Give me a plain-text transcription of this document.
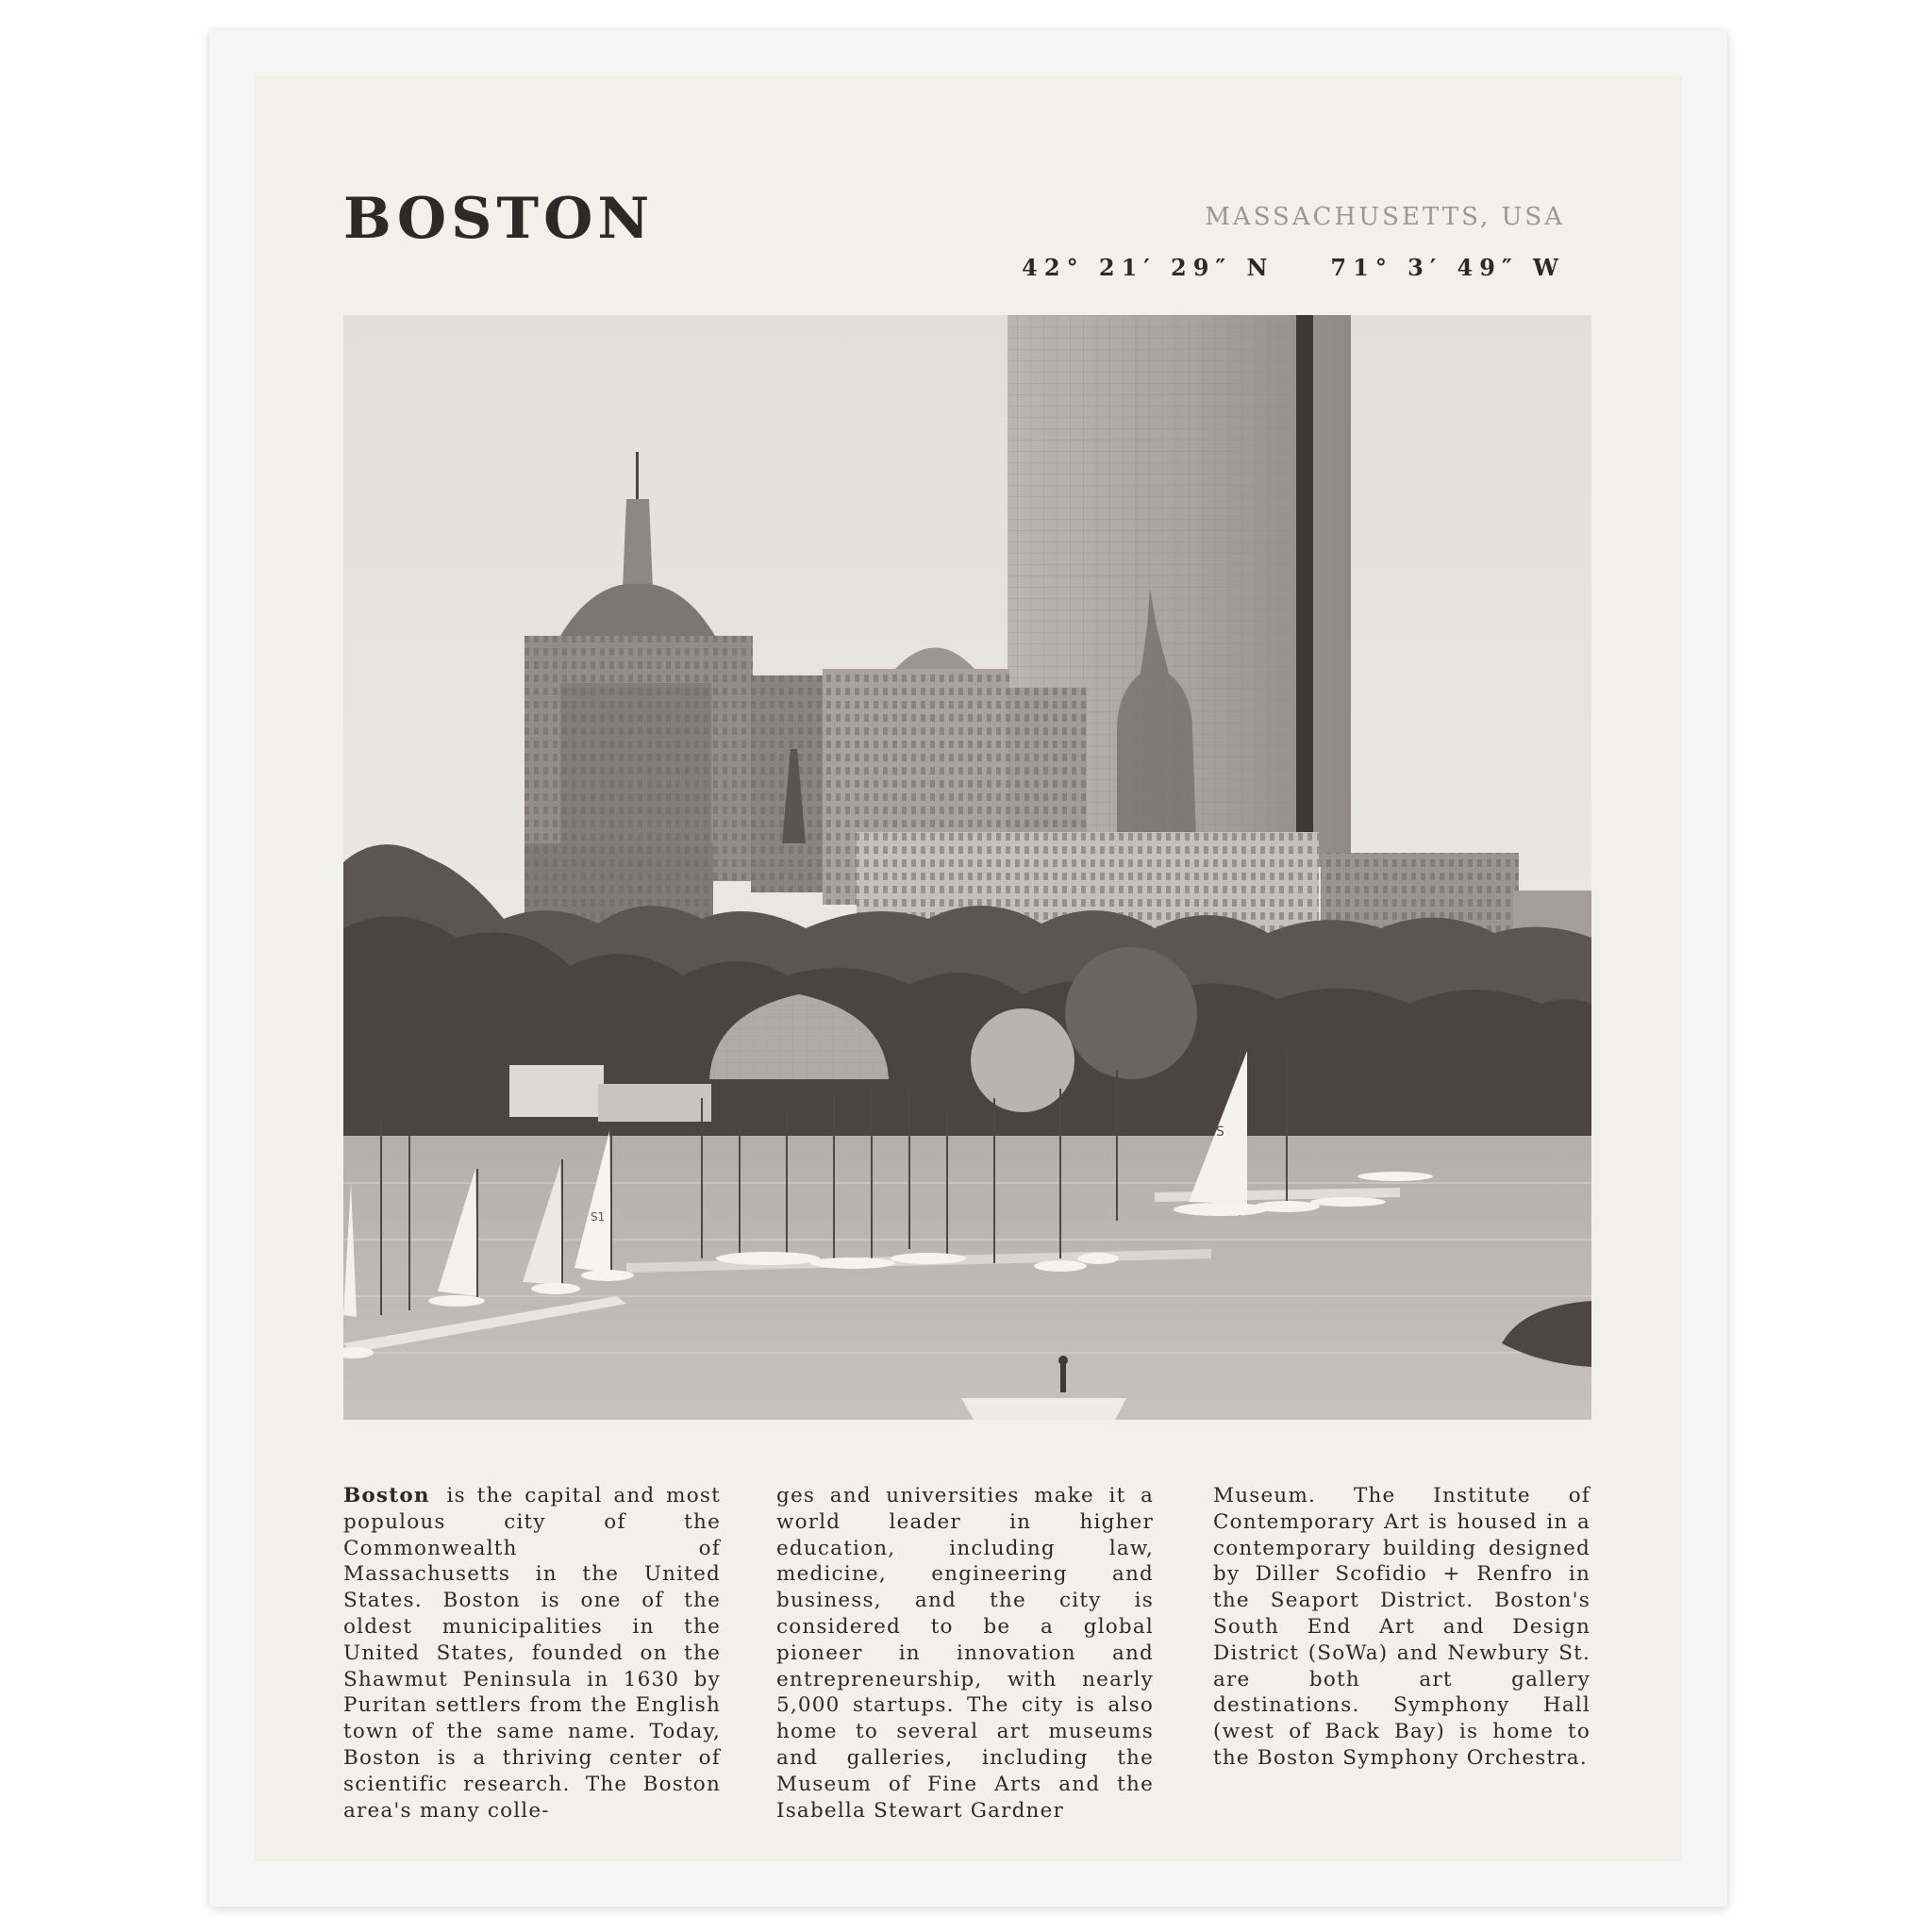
BOSTON	MASSACHUSETTS, USA
42° 21′ 29″ N	71° 3′ 49″ W
S
S1
Boston is the capital and most populous city of the Commonwealth of Massachusetts in the United States. Boston is one of the oldest municipalities in the United States, founded on the Shawmut Peninsula in 1630 by Puritan settlers from the English town of the same name. Today, Boston is a thriving center of scientific research. The Boston area's many colle-
ges and universities make it a world leader in higher education, including law, medicine, engineering and business, and the city is considered to be a global pioneer in innovation and entrepreneurship, with nearly 5,000 startups. The city is also home to several art museums and galleries, including the Museum of Fine Arts and the Isabella Stewart Gardner
Museum. The Institute of Contemporary Art is housed in a contemporary building designed by Diller Scofidio + Renfro in the Seaport District. Boston's South End Art and Design District (SoWa) and Newbury St. are both art gallery destinations. Symphony Hall (west of Back Bay) is home to the Boston Symphony Orchestra.
